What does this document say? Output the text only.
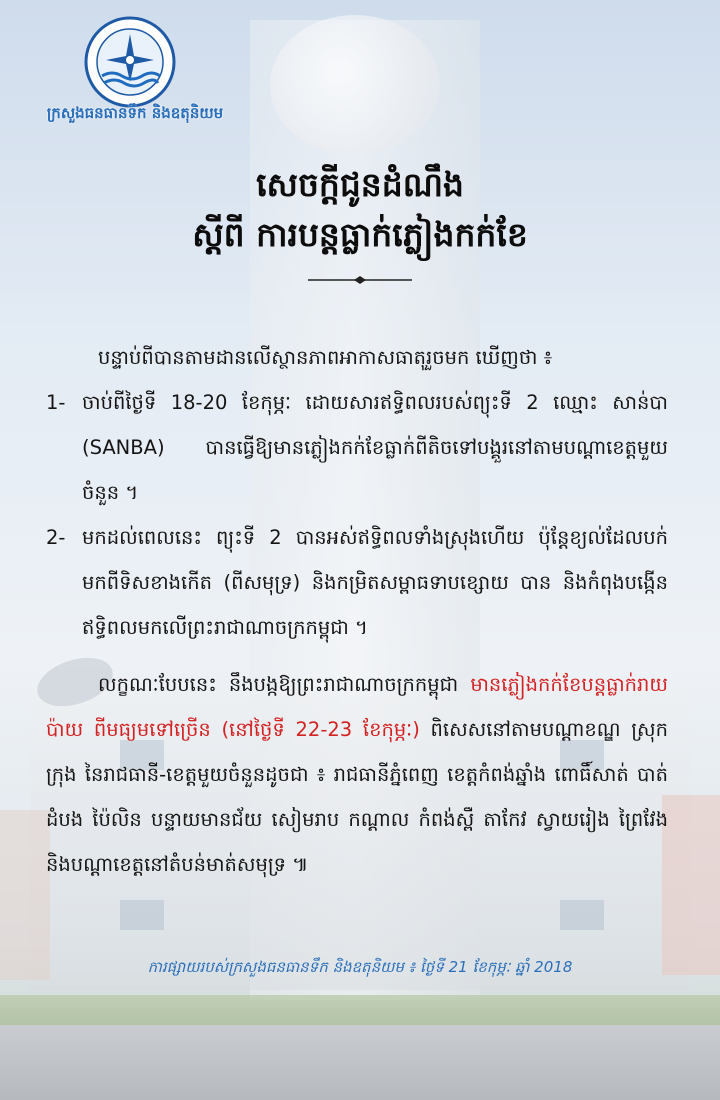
ក្រសួងធនធានទឹក និងឧតុនិយម
សេចក្ដីជូនដំណឹង
ស្ដីពី ការបន្ដធ្លាក់ភ្លៀងកក់ខែ

បន្ទាប់ពីបានតាមដានលើស្ថានភាពអាកាសធាតុរួចមក ឃើញថា ៖

1- ចាប់ពីថ្ងៃទី 18-20 ខែកុម្ភៈ ដោយសារឥទ្ធិពលរបស់ព្យុះទី 2 ឈ្មោះ សាន់បា (SANBA) បានធ្វើឱ្យមានភ្លៀងកក់ខែធ្លាក់ពីតិចទៅបង្គួរនៅតាមបណ្ដាខេត្តមួយចំនួន ។
2- មកដល់ពេលនេះ ព្យុះទី 2 បានអស់ឥទ្ធិពលទាំងស្រុងហើយ ប៉ុន្តែខ្យល់ដែលបក់មកពីទិសខាងកើត (ពីសមុទ្រ) និងកម្រិតសម្ពាធទាបខ្សោយ បាន និងកំពុងបង្កើនឥទ្ធិពលមកលើព្រះរាជាណាចក្រកម្ពុជា ។

លក្ខណៈបែបនេះ នឹងបង្កឱ្យព្រះរាជាណាចក្រកម្ពុជា មានភ្លៀងកក់ខែបន្តធ្លាក់រាយប៉ាយ ពីមធ្យមទៅច្រើន (នៅថ្ងៃទី 22-23 ខែកុម្ភៈ) ពិសេសនៅតាមបណ្ដាខណ្ឌ ស្រុក ក្រុង នៃរាជធានី-ខេត្តមួយចំនួនដូចជា ៖ រាជធានីភ្នំពេញ ខេត្តកំពង់ឆ្នាំង ពោធិ៍សាត់ បាត់ដំបង ប៉ៃលិន បន្ទាយមានជ័យ សៀមរាប កណ្ដាល កំពង់ស្ពឺ តាកែវ ស្វាយរៀង ព្រៃវែង និងបណ្ដាខេត្តនៅតំបន់មាត់សមុទ្រ ៕

ការផ្សាយរបស់ក្រសួងធនធានទឹក និងឧតុនិយម ៖ ថ្ងៃទី 21 ខែកុម្ភៈ ឆ្នាំ 2018
